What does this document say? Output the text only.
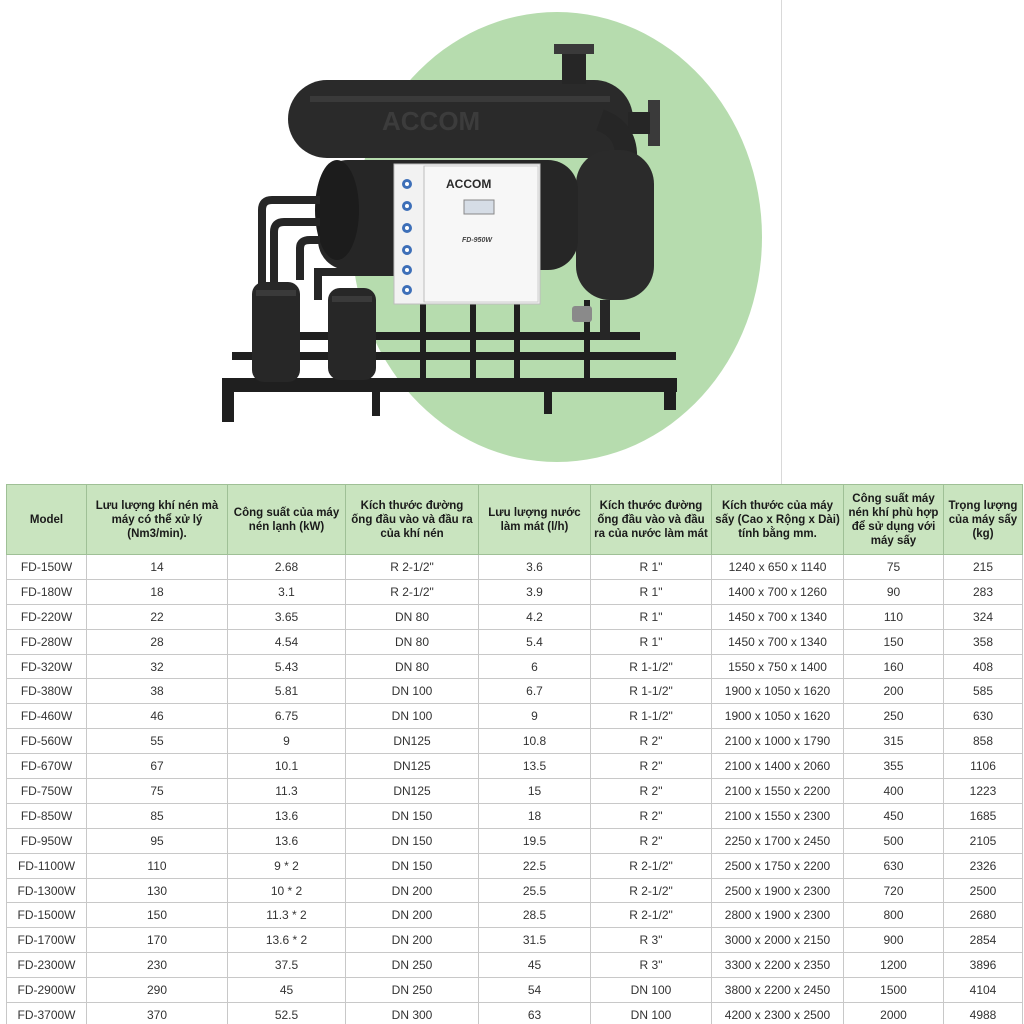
ACCOM
ACCOM
FD-950W
Model	Lưu lượng khí nén mà máy có thể xử lý (Nm3/min).	Công suất của máy nén lạnh (kW)	Kích thước đường ống đầu vào và đầu ra của khí nén	Lưu lượng nước làm mát (l/h)	Kích thước đường ống đầu vào và đầu ra của nước làm mát	Kích thước của máy sấy (Cao x Rộng x Dài) tính bằng mm.	Công suất máy nén khí phù hợp để sử dụng với máy sấy	Trọng lượng của máy sấy (kg)
FD-150W	14	2.68	R 2-1/2"	3.6	R 1"	1240 x 650 x 1140	75	215
FD-180W	18	3.1	R 2-1/2"	3.9	R 1"	1400 x 700 x 1260	90	283
FD-220W	22	3.65	DN 80	4.2	R 1"	1450 x 700 x 1340	110	324
FD-280W	28	4.54	DN 80	5.4	R 1"	1450 x 700 x 1340	150	358
FD-320W	32	5.43	DN 80	6	R 1-1/2"	1550 x 750 x 1400	160	408
FD-380W	38	5.81	DN 100	6.7	R 1-1/2"	1900 x 1050 x 1620	200	585
FD-460W	46	6.75	DN 100	9	R 1-1/2"	1900 x 1050 x 1620	250	630
FD-560W	55	9	DN125	10.8	R 2"	2100 x 1000 x 1790	315	858
FD-670W	67	10.1	DN125	13.5	R 2"	2100 x 1400 x 2060	355	1106
FD-750W	75	11.3	DN125	15	R 2"	2100 x 1550 x 2200	400	1223
FD-850W	85	13.6	DN 150	18	R 2"	2100 x 1550 x 2300	450	1685
FD-950W	95	13.6	DN 150	19.5	R 2"	2250 x 1700 x 2450	500	2105
FD-1100W	110	9 * 2	DN 150	22.5	R 2-1/2"	2500 x 1750 x 2200	630	2326
FD-1300W	130	10 * 2	DN 200	25.5	R 2-1/2"	2500 x 1900 x 2300	720	2500
FD-1500W	150	11.3 * 2	DN 200	28.5	R 2-1/2"	2800 x 1900 x 2300	800	2680
FD-1700W	170	13.6 * 2	DN 200	31.5	R 3"	3000 x 2000 x 2150	900	2854
FD-2300W	230	37.5	DN 250	45	R 3"	3300 x 2200 x 2350	1200	3896
FD-2900W	290	45	DN 250	54	DN 100	3800 x 2200 x 2450	1500	4104
FD-3700W	370	52.5	DN 300	63	DN 100	4200 x 2300 x 2500	2000	4988
